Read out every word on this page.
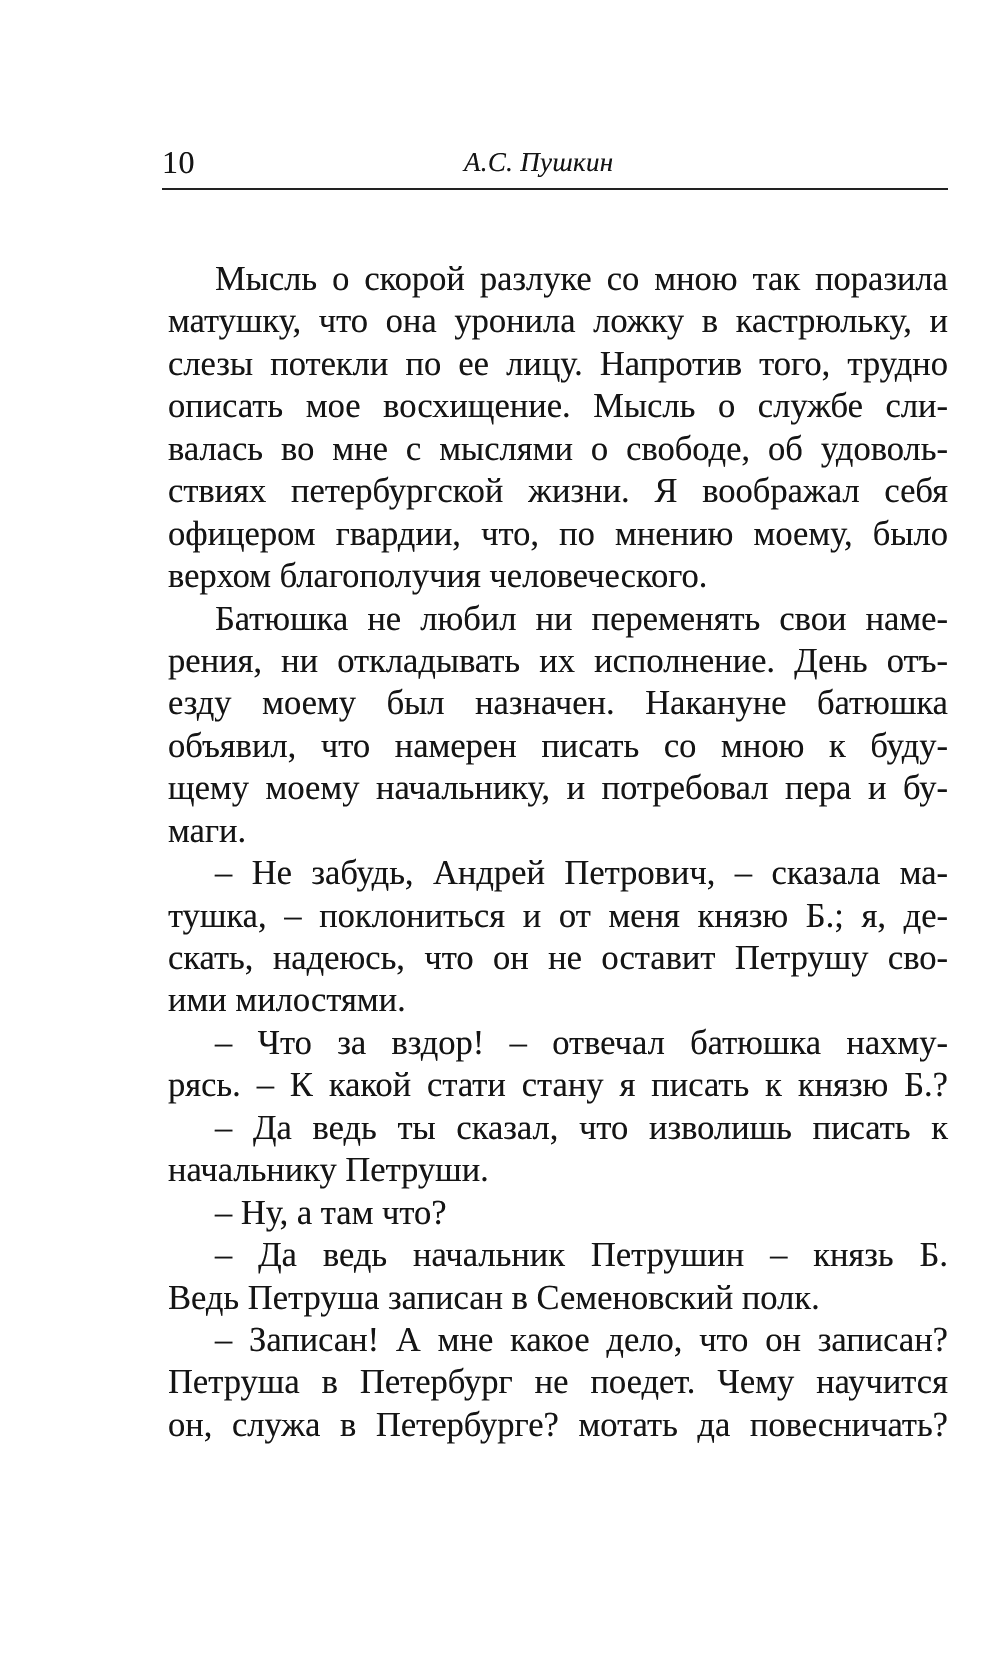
10	А.С. Пушкин
Мысль о скорой разлуке со мною так поразила
матушку, что она уронила ложку в кастрюльку, и
слезы потекли по ее лицу. Напротив того, трудно
описать мое восхищение. Мысль о службе сли-
валась во мне с мыслями о свободе, об удоволь-
ствиях петербургской жизни. Я воображал себя
офицером гвардии, что, по мнению моему, было
верхом благополучия человеческого.
Батюшка не любил ни переменять свои наме-
рения, ни откладывать их исполнение. День отъ-
езду моему был назначен. Накануне батюшка
объявил, что намерен писать со мною к буду-
щему моему начальнику, и потребовал пера и бу-
маги.
– Не забудь, Андрей Петрович, – сказала ма-
тушка, – поклониться и от меня князю Б.; я, де-
скать, надеюсь, что он не оставит Петрушу сво-
ими милостями.
– Что за вздор! – отвечал батюшка нахму-
рясь. – К какой стати стану я писать к князю Б.?
– Да ведь ты сказал, что изволишь писать к
начальнику Петруши.
– Ну, а там что?
– Да ведь начальник Петрушин – князь Б.
Ведь Петруша записан в Семеновский полк.
– Записан! А мне какое дело, что он записан?
Петруша в Петербург не поедет. Чему научится
он, служа в Петербурге? мотать да повесничать?
